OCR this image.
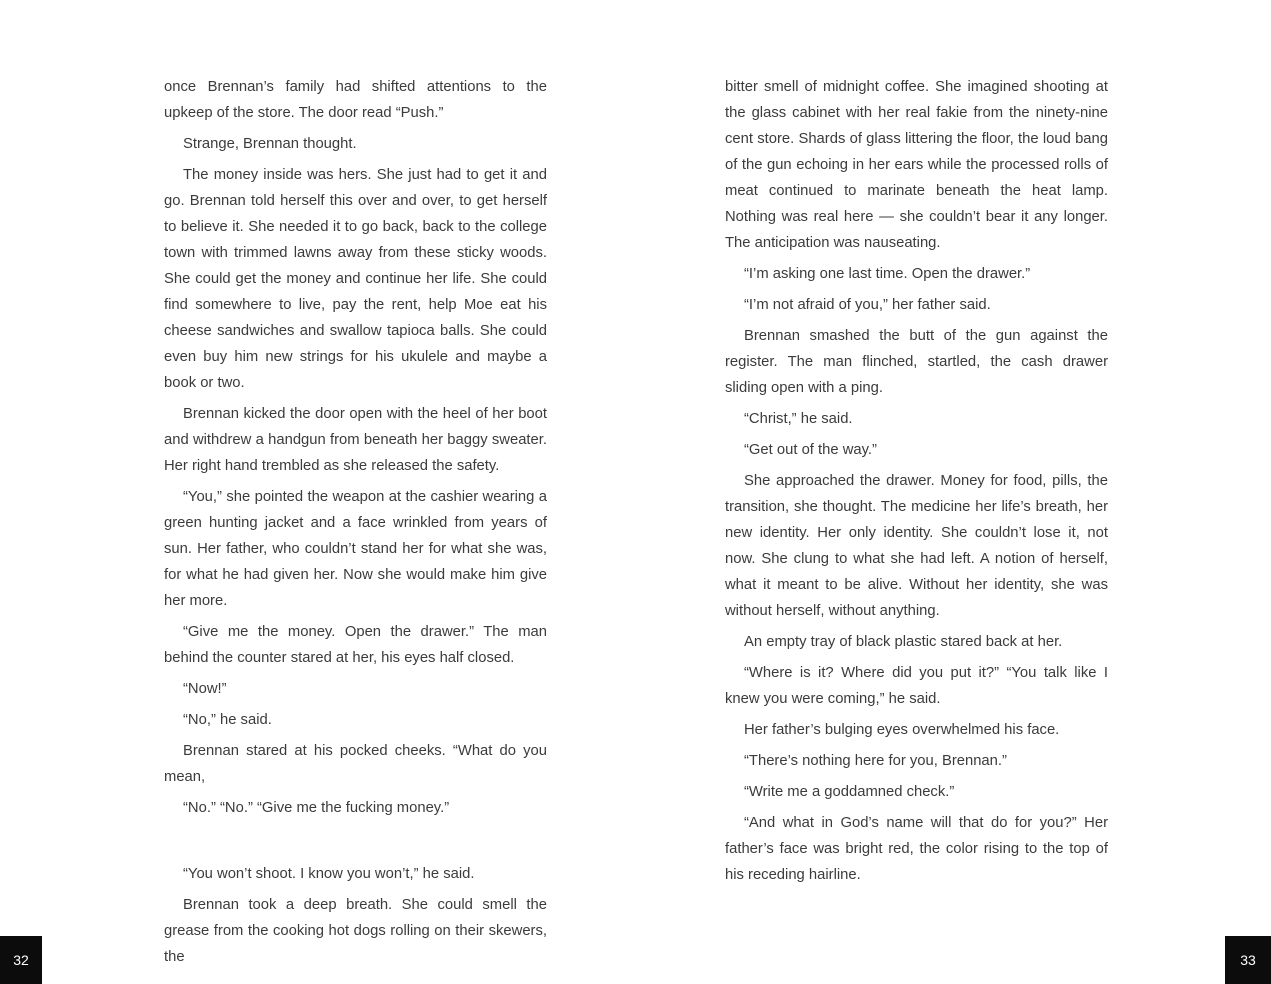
once Brennan’s family had shifted attentions to the upkeep of the store. The door read “Push.”

Strange, Brennan thought.

The money inside was hers. She just had to get it and go. Brennan told herself this over and over, to get herself to believe it. She needed it to go back, back to the college town with trimmed lawns away from these sticky woods. She could get the money and continue her life. She could find somewhere to live, pay the rent, help Moe eat his cheese sandwiches and swallow tapioca balls. She could even buy him new strings for his ukulele and maybe a book or two.

Brennan kicked the door open with the heel of her boot and withdrew a handgun from beneath her baggy sweater. Her right hand trembled as she released the safety.

“You,” she pointed the weapon at the cashier wearing a green hunting jacket and a face wrinkled from years of sun. Her father, who couldn’t stand her for what she was, for what he had given her. Now she would make him give her more.

“Give me the money. Open the drawer.” The man behind the counter stared at her, his eyes half closed.

“Now!”

“No,” he said.

Brennan stared at his pocked cheeks. “What do you mean,

“No.” “No.” “Give me the fucking money.”

“You won’t shoot. I know you won’t,” he said.

Brennan took a deep breath. She could smell the grease from the cooking hot dogs rolling on their skewers, the

bitter smell of midnight coffee. She imagined shooting at the glass cabinet with her real fakie from the ninety-nine cent store. Shards of glass littering the floor, the loud bang of the gun echoing in her ears while the processed rolls of meat continued to marinate beneath the heat lamp. Nothing was real here — she couldn’t bear it any longer. The anticipation was nauseating.

“I’m asking one last time. Open the drawer.”

“I’m not afraid of you,” her father said.

Brennan smashed the butt of the gun against the register. The man flinched, startled, the cash drawer sliding open with a ping.

“Christ,” he said.

“Get out of the way.”

She approached the drawer. Money for food, pills, the transition, she thought. The medicine her life’s breath, her new identity. Her only identity. She couldn’t lose it, not now. She clung to what she had left. A notion of herself, what it meant to be alive. Without her identity, she was without herself, without anything.

An empty tray of black plastic stared back at her.

“Where is it? Where did you put it?” “You talk like I knew you were coming,” he said.

Her father’s bulging eyes overwhelmed his face.

“There’s nothing here for you, Brennan.”

“Write me a goddamned check.”

“And what in God’s name will that do for you?” Her father’s face was bright red, the color rising to the top of his receding hairline.

32	33
